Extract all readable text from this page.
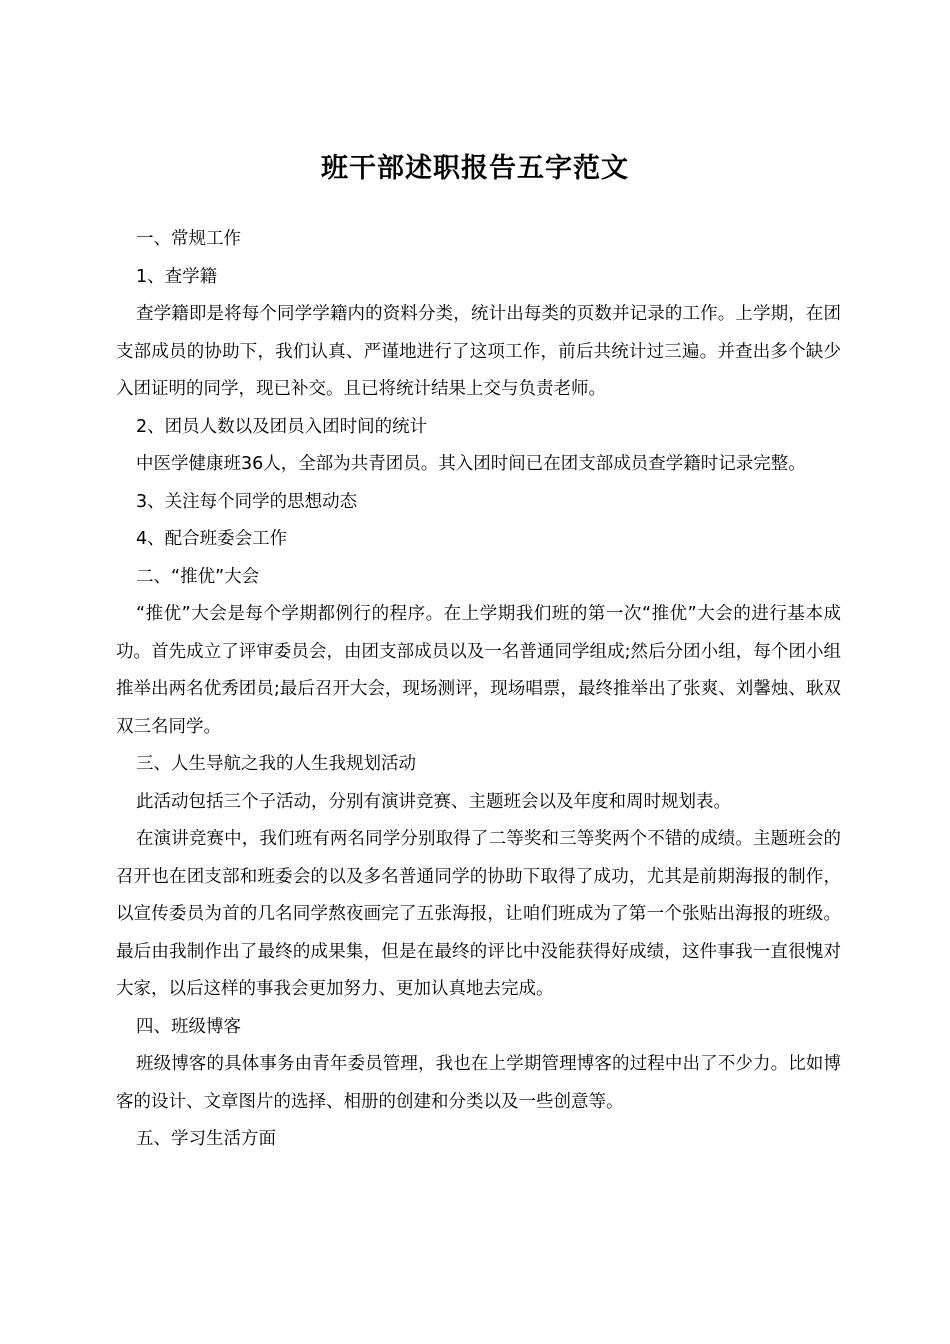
班干部述职报告五字范文

一、常规工作

1、查学籍

查学籍即是将每个同学学籍内的资料分类，统计出每类的页数并记录的工作。上学期，在团支部成员的协助下，我们认真、严谨地进行了这项工作，前后共统计过三遍。并查出多个缺少入团证明的同学，现已补交。且已将统计结果上交与负责老师。

2、团员人数以及团员入团时间的统计

中医学健康班36人，全部为共青团员。其入团时间已在团支部成员查学籍时记录完整。

3、关注每个同学的思想动态

4、配合班委会工作

二、“推优”大会

“推优”大会是每个学期都例行的程序。在上学期我们班的第一次“推优”大会的进行基本成功。首先成立了评审委员会，由团支部成员以及一名普通同学组成;然后分团小组，每个团小组推举出两名优秀团员;最后召开大会，现场测评，现场唱票，最终推举出了张爽、刘馨烛、耿双双三名同学。

三、人生导航之我的人生我规划活动

此活动包括三个子活动，分别有演讲竞赛、主题班会以及年度和周时规划表。

在演讲竞赛中，我们班有两名同学分别取得了二等奖和三等奖两个不错的成绩。主题班会的召开也在团支部和班委会的以及多名普通同学的协助下取得了成功，尤其是前期海报的制作，以宣传委员为首的几名同学熬夜画完了五张海报，让咱们班成为了第一个张贴出海报的班级。最后由我制作出了最终的成果集，但是在最终的评比中没能获得好成绩，这件事我一直很愧对大家，以后这样的事我会更加努力、更加认真地去完成。

四、班级博客

班级博客的具体事务由青年委员管理，我也在上学期管理博客的过程中出了不少力。比如博客的设计、文章图片的选择、相册的创建和分类以及一些创意等。

五、学习生活方面
